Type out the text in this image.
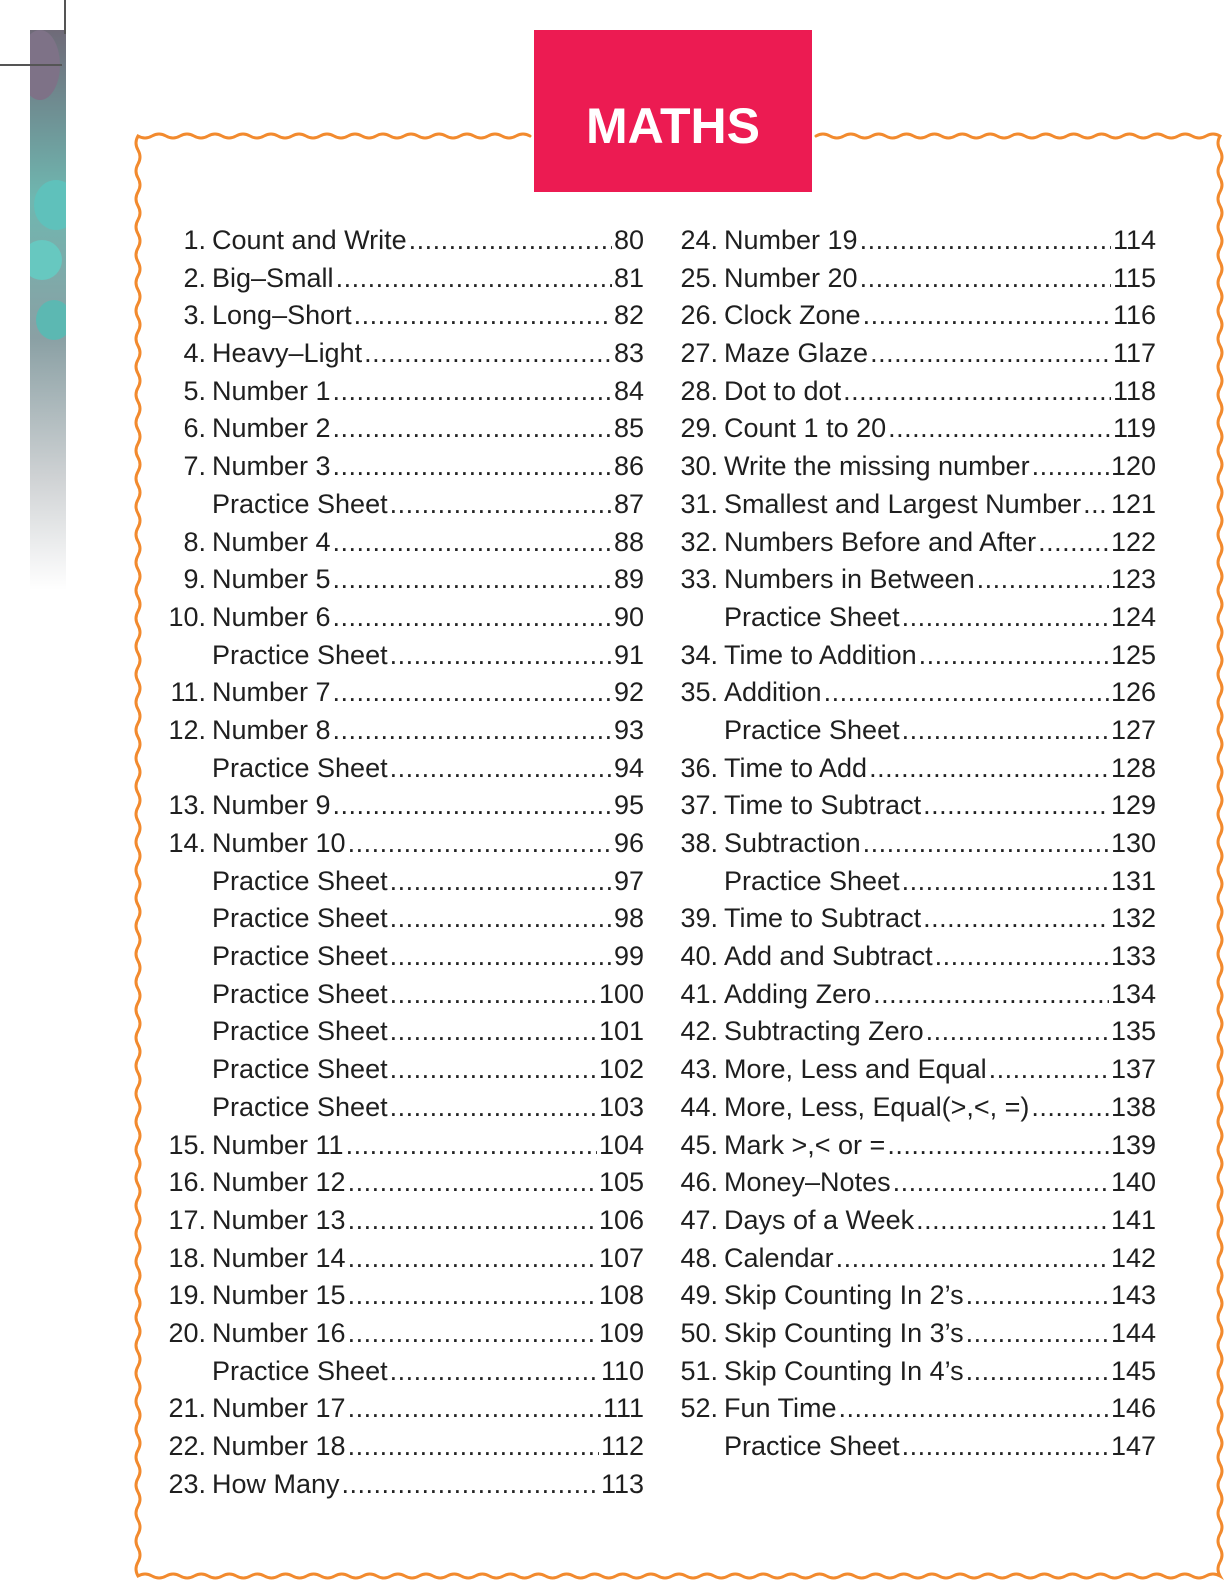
MATHS
1. Count and Write .....	80
2. Big–Small .....	81
3. Long–Short .....	82
4. Heavy–Light .....	83
5. Number 1 .....	84
6. Number 2 .....	85
7. Number 3 .....	86
Practice Sheet .....	87
8. Number 4 .....	88
9. Number 5 .....	89
10. Number 6 .....	90
Practice Sheet .....	91
11. Number 7 .....	92
12. Number 8 .....	93
Practice Sheet .....	94
13. Number 9 .....	95
14. Number 10 .....	96
Practice Sheet .....	97
Practice Sheet .....	98
Practice Sheet .....	99
Practice Sheet .....	100
Practice Sheet .....	101
Practice Sheet .....	102
Practice Sheet .....	103
15. Number 11 .....	104
16. Number 12 .....	105
17. Number 13 .....	106
18. Number 14 .....	107
19. Number 15 .....	108
20. Number 16 .....	109
Practice Sheet .....	110
21. Number 17 .....	111
22. Number 18 .....	112
23. How Many .....	113
24. Number 19 .....	114
25. Number 20 .....	115
26. Clock Zone .....	116
27. Maze Glaze .....	117
28. Dot to dot .....	118
29. Count 1 to 20 .....	119
30. Write the missing number .....	120
31. Smallest and Largest Number ..... 121
32. Numbers Before and After .....	122
33. Numbers in Between .....	123
Practice Sheet .....	124
34. Time to Addition .....	125
35. Addition .....	126
Practice Sheet .....	127
36. Time to Add .....	128
37. Time to Subtract .....	129
38. Subtraction .....	130
Practice Sheet .....	131
39. Time to Subtract .....	132
40. Add and Subtract .....	133
41. Adding Zero .....	134
42. Subtracting Zero .....	135
43. More, Less and Equal .....	137
44. More, Less, Equal(>,<, =) .....	138
45. Mark >,< or = .....	139
46. Money–Notes .....	140
47. Days of a Week .....	141
48. Calendar .....	142
49. Skip Counting In 2’s .....	143
50. Skip Counting In 3’s .....	144
51. Skip Counting In 4’s .....	145
52. Fun Time .....	146
Practice Sheet .....	147
